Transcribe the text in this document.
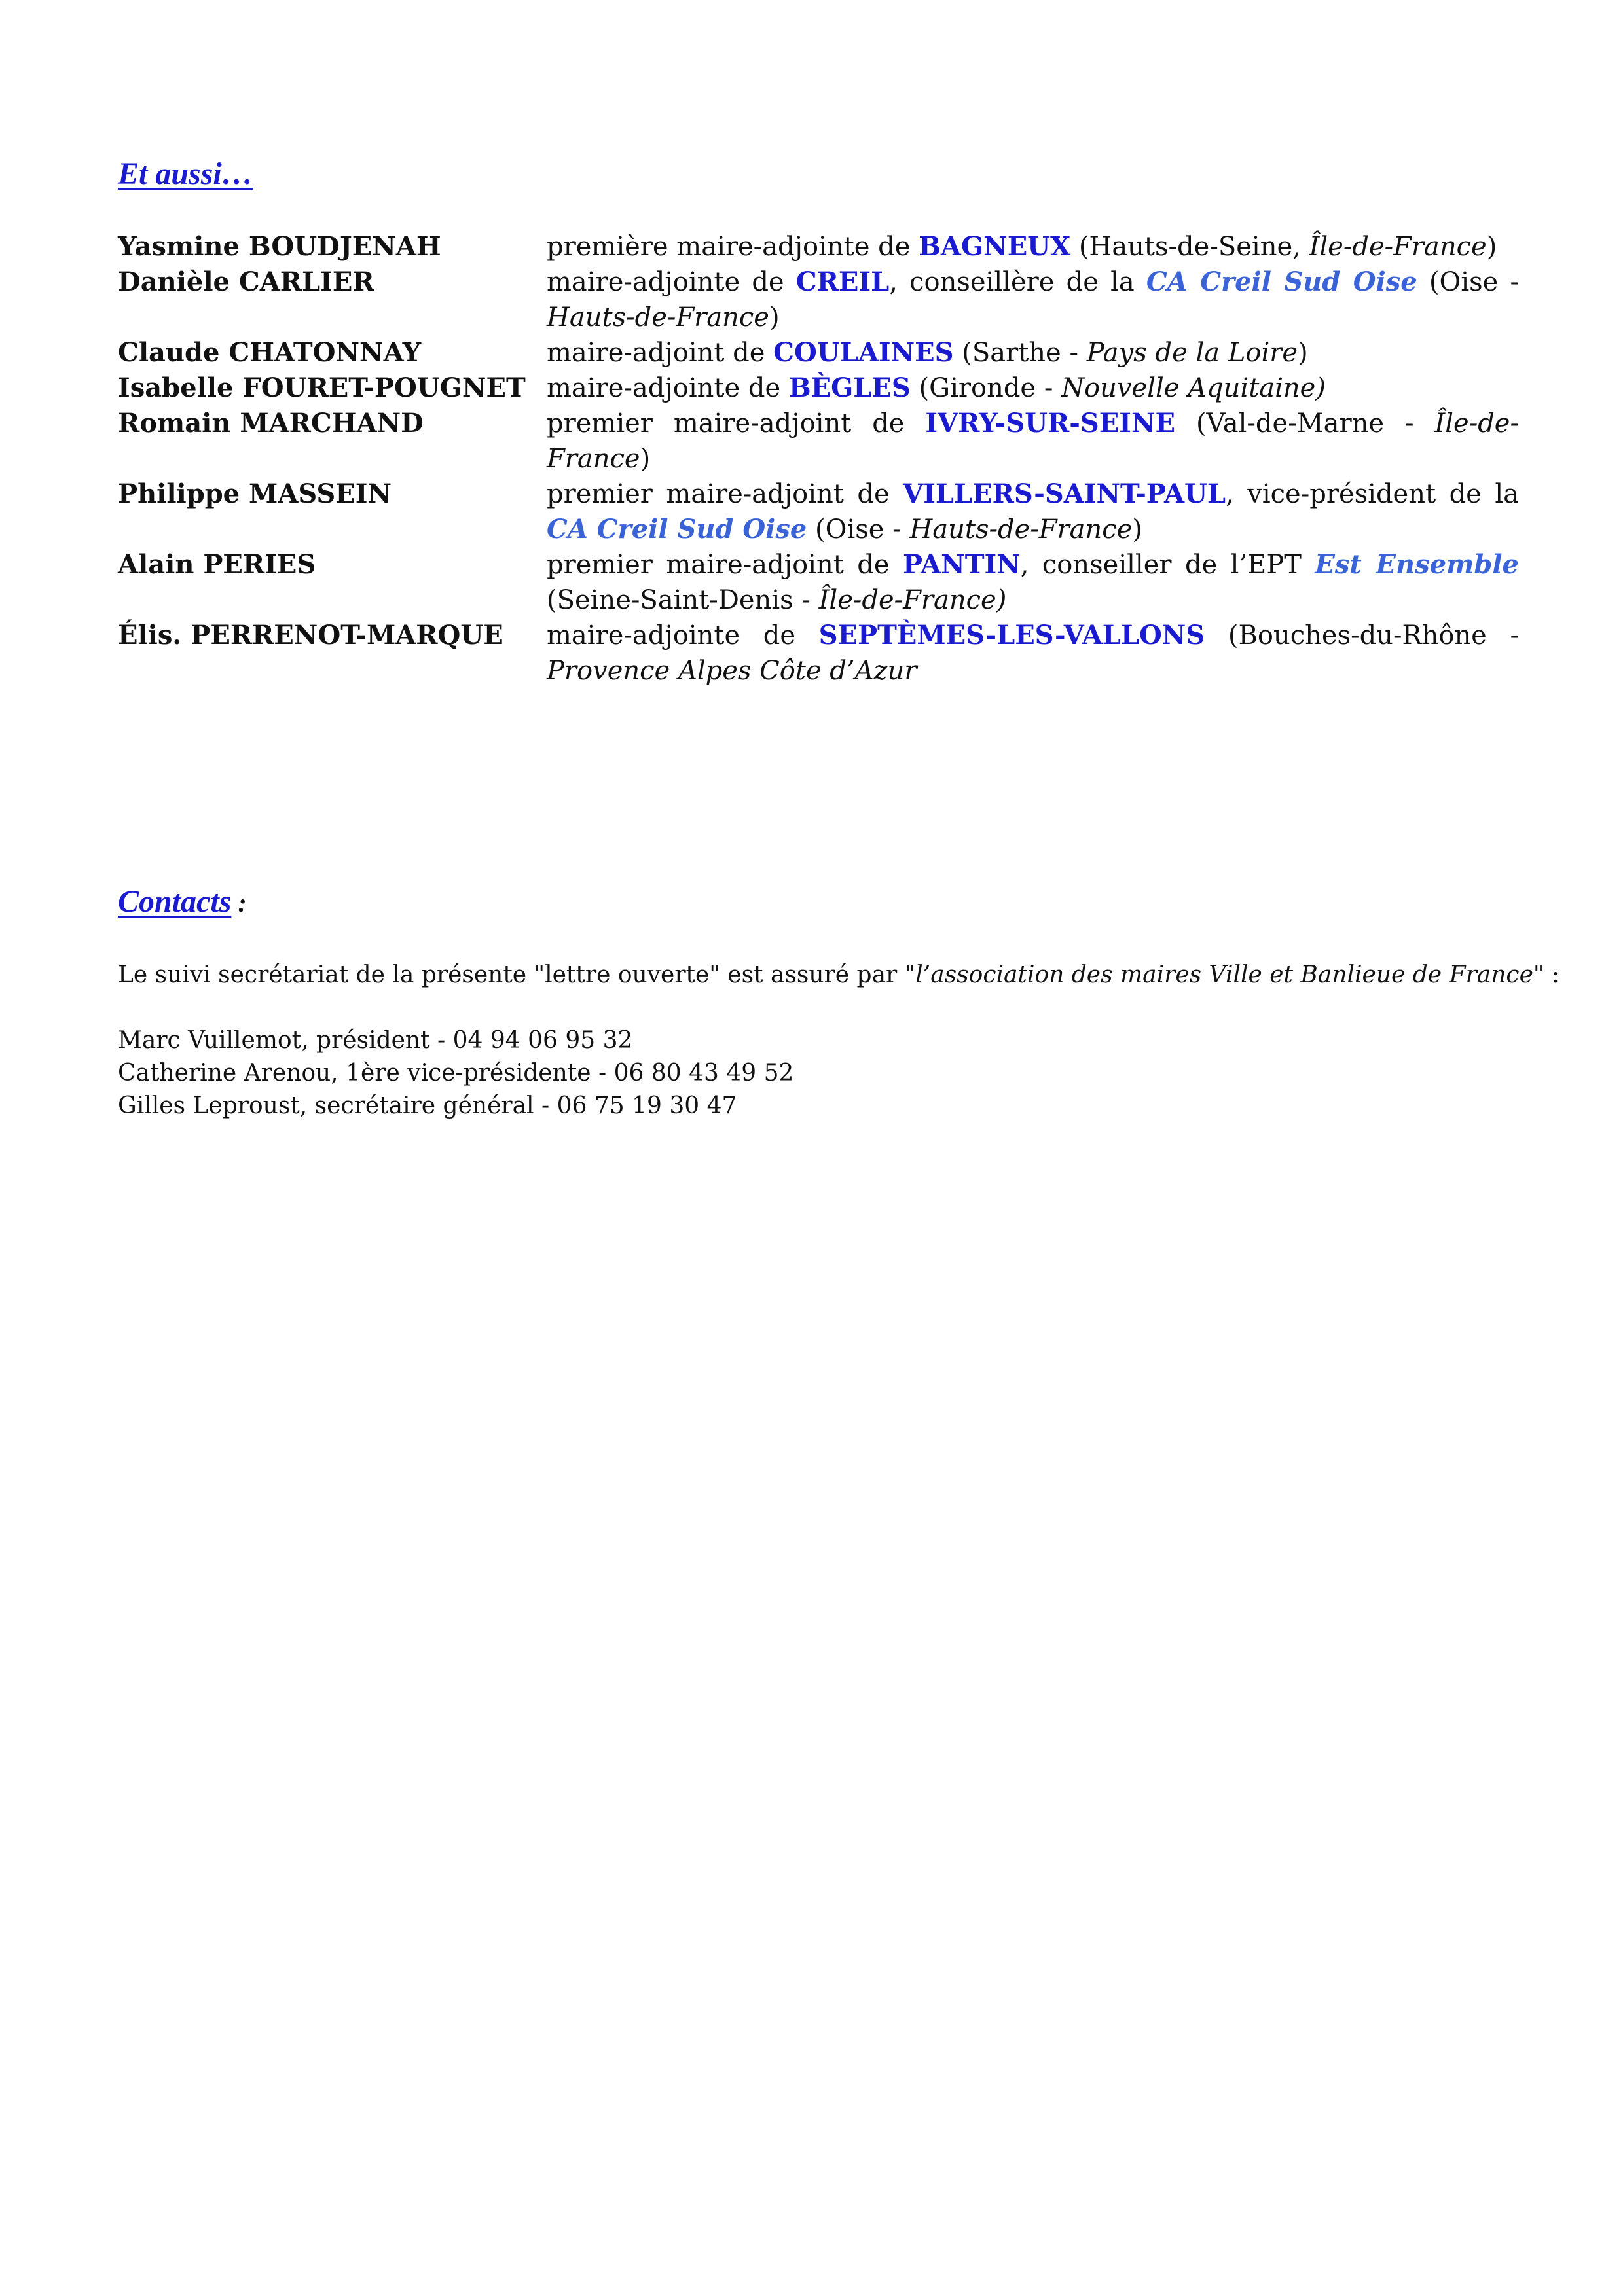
Et aussi…
Yasmine BOUDJENAH	première maire-adjointe de BAGNEUX (Hauts-de-Seine, Île-de-France)
Danièle CARLIER	maire-adjointe de CREIL, conseillère de la CA Creil Sud Oise (Oise - Hauts-de-France)
Claude CHATONNAY	maire-adjoint de COULAINES (Sarthe - Pays de la Loire)
Isabelle FOURET-POUGNET maire-adjointe de BÈGLES (Gironde - Nouvelle Aquitaine)
Romain MARCHAND	premier maire-adjoint de IVRY-SUR-SEINE (Val-de-Marne - Île-de-France)
Philippe MASSEIN	premier maire-adjoint de VILLERS-SAINT-PAUL, vice-président de la CA Creil Sud Oise (Oise - Hauts-de-France)
Alain PERIES	premier maire-adjoint de PANTIN, conseiller de l’EPT Est Ensemble (Seine-Saint-Denis - Île-de-France)
Élis. PERRENOT-MARQUE	maire-adjointe de SEPTÈMES-LES-VALLONS (Bouches-du-Rhône - Provence Alpes Côte d’Azur
Contacts :

Le suivi secrétariat de la présente "lettre ouverte" est assuré par "l’association des maires Ville et Banlieue de France" :

Marc Vuillemot, président - 04 94 06 95 32

Catherine Arenou, 1ère vice-présidente - 06 80 43 49 52

Gilles Leproust, secrétaire général - 06 75 19 30 47
